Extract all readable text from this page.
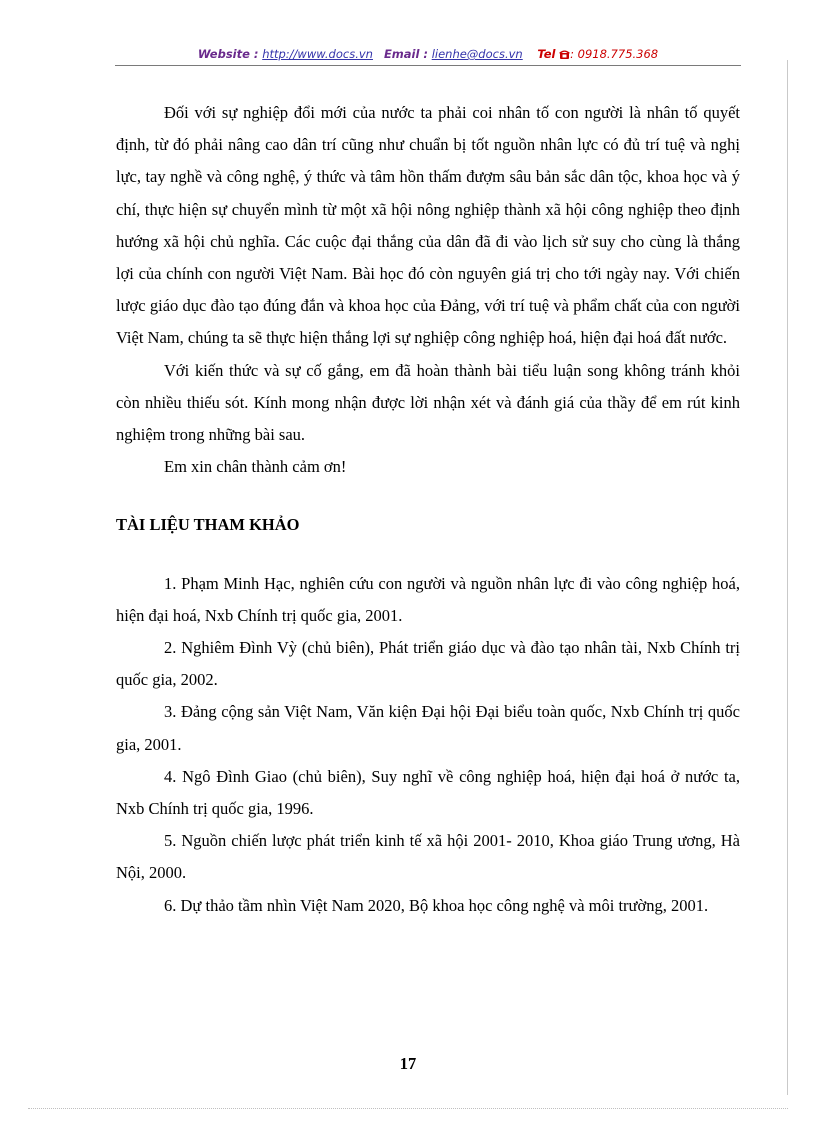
Website : http://www.docs.vn Email : lienhe@docs.vn Tel : 0918.775.368

Đối với sự nghiệp đổi mới của nước ta phải coi nhân tố con người là nhân tố quyết định, từ đó phải nâng cao dân trí cũng như chuẩn bị tốt nguồn nhân lực có đủ trí tuệ và nghị lực, tay nghề và công nghệ, ý thức và tâm hồn thấm đượm sâu bản sắc dân tộc, khoa học và ý chí, thực hiện sự chuyển mình từ một xã hội nông nghiệp thành xã hội công nghiệp theo định hướng xã hội chủ nghĩa. Các cuộc đại thắng của dân đã đi vào lịch sử suy cho cùng là thắng lợi của chính con người Việt Nam. Bài học đó còn nguyên giá trị cho tới ngày nay. Với chiến lược giáo dục đào tạo đúng đắn và khoa học của Đảng, với trí tuệ và phẩm chất của con người Việt Nam, chúng ta sẽ thực hiện thắng lợi sự nghiệp công nghiệp hoá, hiện đại hoá đất nước.

Với kiến thức và sự cố gắng, em đã hoàn thành bài tiểu luận song không tránh khỏi còn nhiều thiếu sót. Kính mong nhận được lời nhận xét và đánh giá của thầy để em rút kinh nghiệm trong những bài sau.

Em xin chân thành cảm ơn!

TÀI LIỆU THAM KHẢO

1. Phạm Minh Hạc, nghiên cứu con người và nguồn nhân lực đi vào công nghiệp hoá, hiện đại hoá, Nxb Chính trị quốc gia, 2001.

2. Nghiêm Đình Vỳ (chủ biên), Phát triển giáo dục và đào tạo nhân tài, Nxb Chính trị quốc gia, 2002.

3. Đảng cộng sản Việt Nam, Văn kiện Đại hội Đại biểu toàn quốc, Nxb Chính trị quốc gia, 2001.

4. Ngô Đình Giao (chủ biên), Suy nghĩ về công nghiệp hoá, hiện đại hoá ở nước ta, Nxb Chính trị quốc gia, 1996.

5. Nguồn chiến lược phát triển kinh tế xã hội 2001- 2010, Khoa giáo Trung ương, Hà Nội, 2000.

6. Dự thảo tầm nhìn Việt Nam 2020, Bộ khoa học công nghệ và môi trường, 2001.

17
